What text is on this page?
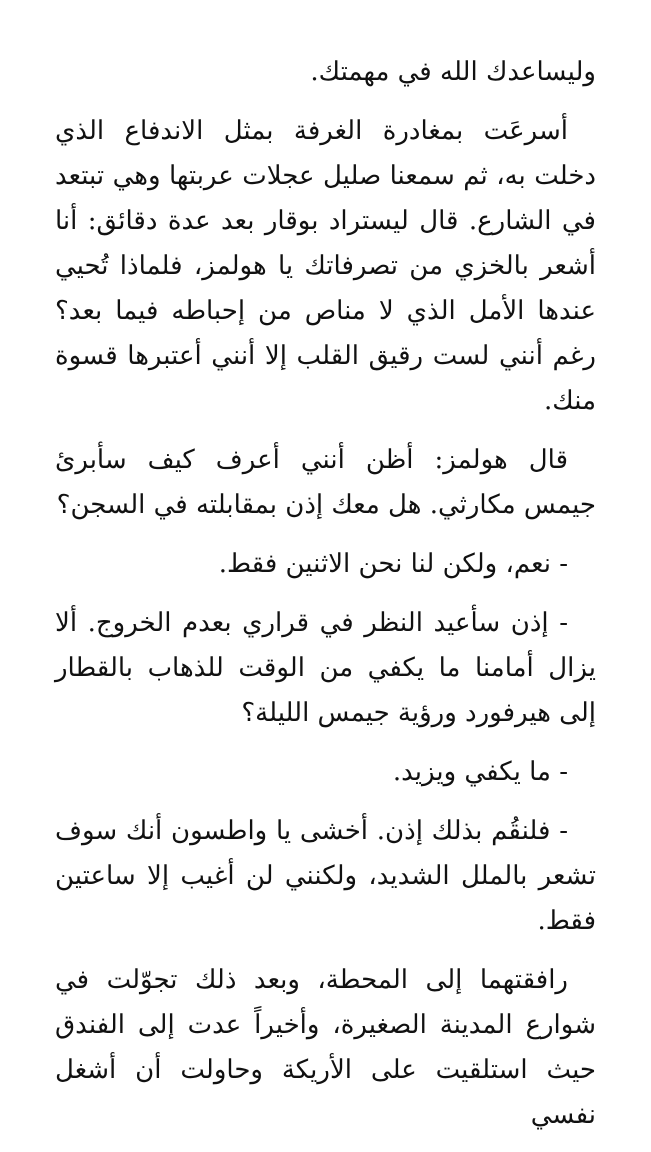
وليساعدك الله في مهمتك.

أسرعَت بمغادرة الغرفة بمثل الاندفاع الذي دخلت به، ثم سمعنا صليل عجلات عربتها وهي تبتعد في الشارع. قال ليستراد بوقار بعد عدة دقائق: أنا أشعر بالخزي من تصرفاتك يا هولمز، فلماذا تُحيي عندها الأمل الذي لا مناص من إحباطه فيما بعد؟ رغم أنني لست رقيق القلب إلا أنني أعتبرها قسوة منك.

قال هولمز: أظن أنني أعرف كيف سأبرئ جيمس مكارثي. هل معك إذن بمقابلته في السجن؟

- نعم، ولكن لنا نحن الاثنين فقط.

- إذن سأعيد النظر في قراري بعدم الخروج. ألا يزال أمامنا ما يكفي من الوقت للذهاب بالقطار إلى هيرفورد ورؤية جيمس الليلة؟

- ما يكفي ويزيد.

- فلنقُم بذلك إذن. أخشى يا واطسون أنك سوف تشعر بالملل الشديد، ولكنني لن أغيب إلا ساعتين فقط.

رافقتهما إلى المحطة، وبعد ذلك تجوّلت في شوارع المدينة الصغيرة، وأخيراً عدت إلى الفندق حيث استلقيت على الأريكة وحاولت أن أشغل نفسي
